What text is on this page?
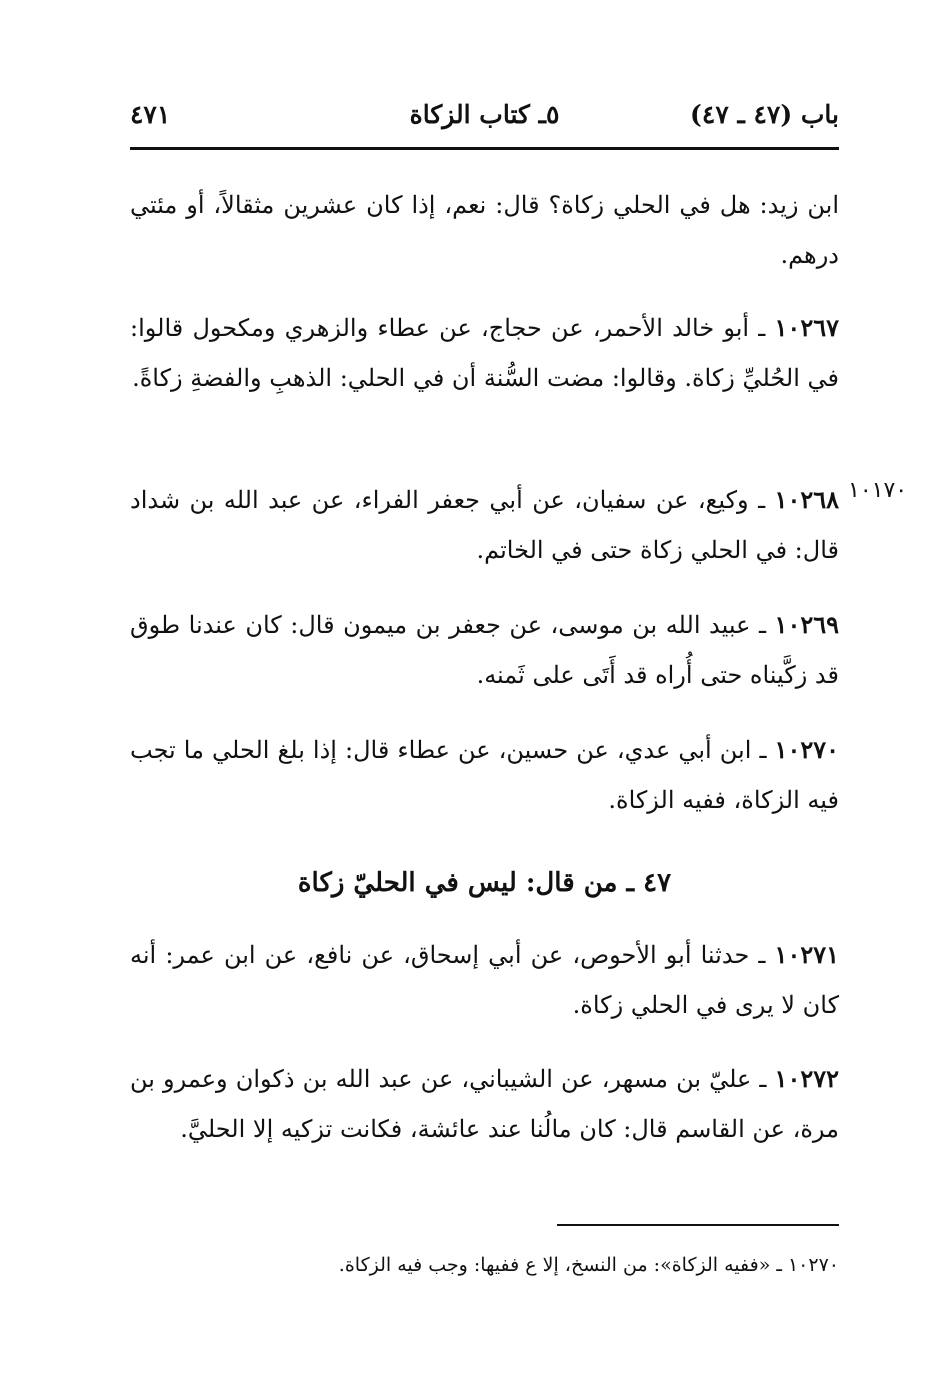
٤٧١	٥ـ كتاب الزكاة	باب (٤٧ ـ ٤٧)

ابن زيد: هل في الحلي زكاة؟ قال: نعم، إذا كان عشرين مثقالاً، أو مئتي درهم.

١٠٢٦٧ ـ أبو خالد الأحمر، عن حجاج، عن عطاء والزهري ومكحول قالوا: في الحُليِّ زكاة. وقالوا: مضت السُّنة أن في الحلي: الذهبِ والفضةِ زكاةً.

١٠١٧٠

١٠٢٦٨ ـ وكيع، عن سفيان، عن أبي جعفر الفراء، عن عبد الله بن شداد قال: في الحلي زكاة حتى في الخاتم.

١٠٢٦٩ ـ عبيد الله بن موسى، عن جعفر بن ميمون قال: كان عندنا طوق قد زكَّيناه حتى أُراه قد أَتَى على ثَمنه.

١٠٢٧٠ ـ ابن أبي عدي، عن حسين، عن عطاء قال: إذا بلغ الحلي ما تجب فيه الزكاة، ففيه الزكاة.

٤٧ ـ من قال: ليس في الحليّ زكاة

١٠٢٧١ ـ حدثنا أبو الأحوص، عن أبي إسحاق، عن نافع، عن ابن عمر: أنه كان لا يرى في الحلي زكاة.

١٠٢٧٢ ـ عليّ بن مسهر، عن الشيباني، عن عبد الله بن ذكوان وعمرو بن مرة، عن القاسم قال: كان مالُنا عند عائشة، فكانت تزكيه إلا الحليَّ.

١٠٢٧٠ ـ «ففيه الزكاة»: من النسخ، إلا ع ففيها: وجب فيه الزكاة.
